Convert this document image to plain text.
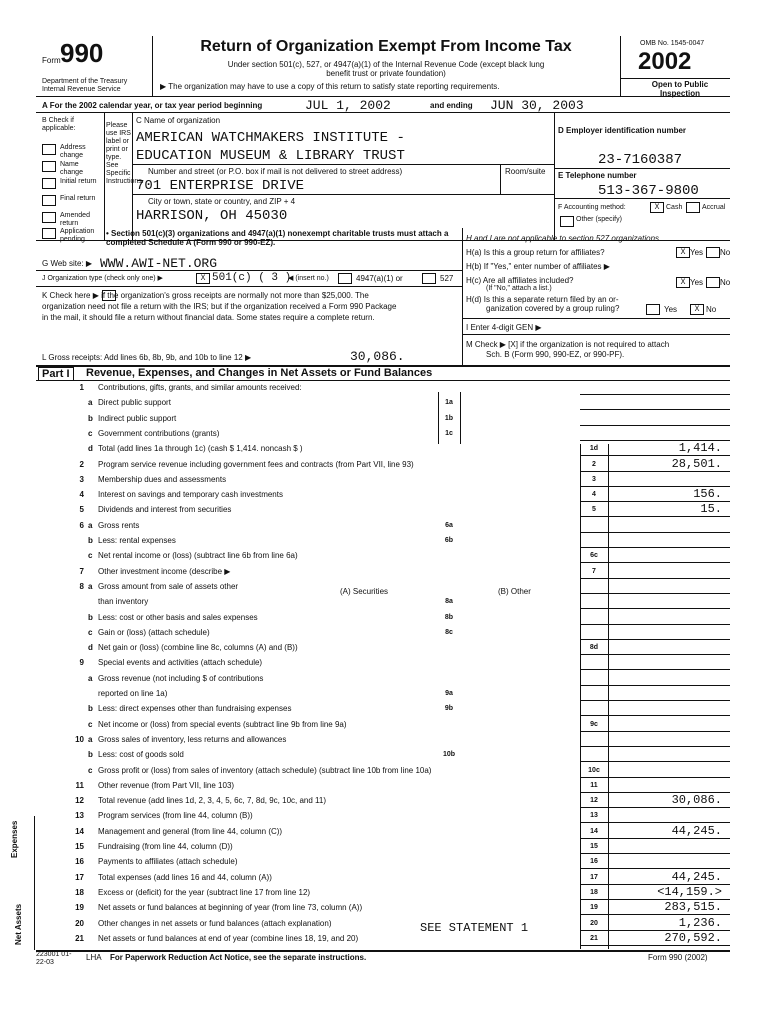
Form 990
Department of the Treasury
Internal Revenue Service
Return of Organization Exempt From Income Tax
Under section 501(c), 527, or 4947(a)(1) of the Internal Revenue Code (except black lung
benefit trust or private foundation)
▶ The organization may have to use a copy of this return to satisfy state reporting requirements.
OMB No. 1545-0047
2002
Open to Public Inspection
A For the 2002 calendar year, or tax year period beginning	JUL 1, 2002	and ending JUN 30, 2003
B Check if applicable:
Address change
Name change
Initial return
Final return
Amended return
Application pending
Please use IRS label or print or type. See Specific Instructions.
C Name of organization
AMERICAN WATCHMAKERS INSTITUTE -
EDUCATION MUSEUM & LIBRARY TRUST
Number and street (or P.O. box if mail is not delivered to street address)	Room/suite
701 ENTERPRISE DRIVE
City or town, state or country, and ZIP + 4
HARRISON, OH 45030
D Employer identification number
23-7160387
E Telephone number
513-367-9800
F Accounting method:	X Cash	Accrual
Other (specify)
• Section 501(c)(3) organizations and 4947(a)(1) nonexempt charitable trusts must attach a completed Schedule A (Form 990 or 990-EZ).	H and I are not applicable to section 527 organizations.
H(a) Is this a group return for affiliates?	X Yes No
H(b) If "Yes," enter number of affiliates ▶
H(c) Are all affiliates included?
(If "No," attach a list.)
X Yes No
H(d) Is this a separate return filed by an or-
ganization covered by a group ruling?	Yes	X No
I Enter 4-digit GEN ▶
M Check ▶ [X] if the organization is not required to attach
Sch. B (Form 990, 990-EZ, or 990-PF).
G Web site: ▶ WWW.AWI-NET.ORG
J Organization type (check only one) ▶	X 501(c) ( 3 )
◀ (insert no.)	4947(a)(1) or	527
K Check here ▶ if the organization's gross receipts are normally not more than $25,000. The
organization need not file a return with the IRS; but if the organization received a Form 990 Package
in the mail, it should file a return without financial data. Some states require a complete return.
L Gross receipts: Add lines 6b, 8b, 9b, and 10b to line 12 ▶	30,086.
Part I	Revenue, Expenses, and Changes in Net Assets or Fund Balances
(A) Securities	(B) Other
Expenses
Net Assets
1 Contributions, gifts, grants, and similar amounts received:
a Direct public support	1a
b Indirect public support	1b
c Government contributions (grants)	1c
d Total (add lines 1a through 1c) (cash $ 1,414. noncash $ )	1d	1,414.
2 Program service revenue including government fees and contracts (from Part VII, line 93)	2	28,501.
3 Membership dues and assessments	3
4 Interest on savings and temporary cash investments	4	156.
5 Dividends and interest from securities	5	15.
6 a Gross rents	6a
b Less: rental expenses	6b
c Net rental income or (loss) (subtract line 6b from line 6a)	6c
7 Other investment income (describe ▶	7
8 a Gross amount from sale of assets other
than inventory	8a
b Less: cost or other basis and sales expenses	8b
c Gain or (loss) (attach schedule)	8c
d Net gain or (loss) (combine line 8c, columns (A) and (B))	8d
9 Special events and activities (attach schedule)
a Gross revenue (not including $ of contributions
reported on line 1a)	9a
b Less: direct expenses other than fundraising expenses	9b
c Net income or (loss) from special events (subtract line 9b from line 9a)	9c
10 a Gross sales of inventory, less returns and allowances
b Less: cost of goods sold	10b
c Gross profit or (loss) from sales of inventory (attach schedule) (subtract line 10b from line 10a)	10c
11 Other revenue (from Part VII, line 103)	11
12 Total revenue (add lines 1d, 2, 3, 4, 5, 6c, 7, 8d, 9c, 10c, and 11)	12	30,086.
13 Program services (from line 44, column (B))	13
14 Management and general (from line 44, column (C))	14	44,245.
15 Fundraising (from line 44, column (D))	15
16 Payments to affiliates (attach schedule)	16
17 Total expenses (add lines 16 and 44, column (A))	17	44,245.
18 Excess or (deficit) for the year (subtract line 17 from line 12)	18	<14,159.>
19 Net assets or fund balances at beginning of year (from line 73, column (A))	19	283,515.
20 Other changes in net assets or fund balances (attach explanation)	20	1,236.
21 Net assets or fund balances at end of year (combine lines 18, 19, and 20)	21	270,592.
SEE STATEMENT 1
223001 01-22-03
LHA For Paperwork Reduction Act Notice, see the separate instructions.	Form 990 (2002)
